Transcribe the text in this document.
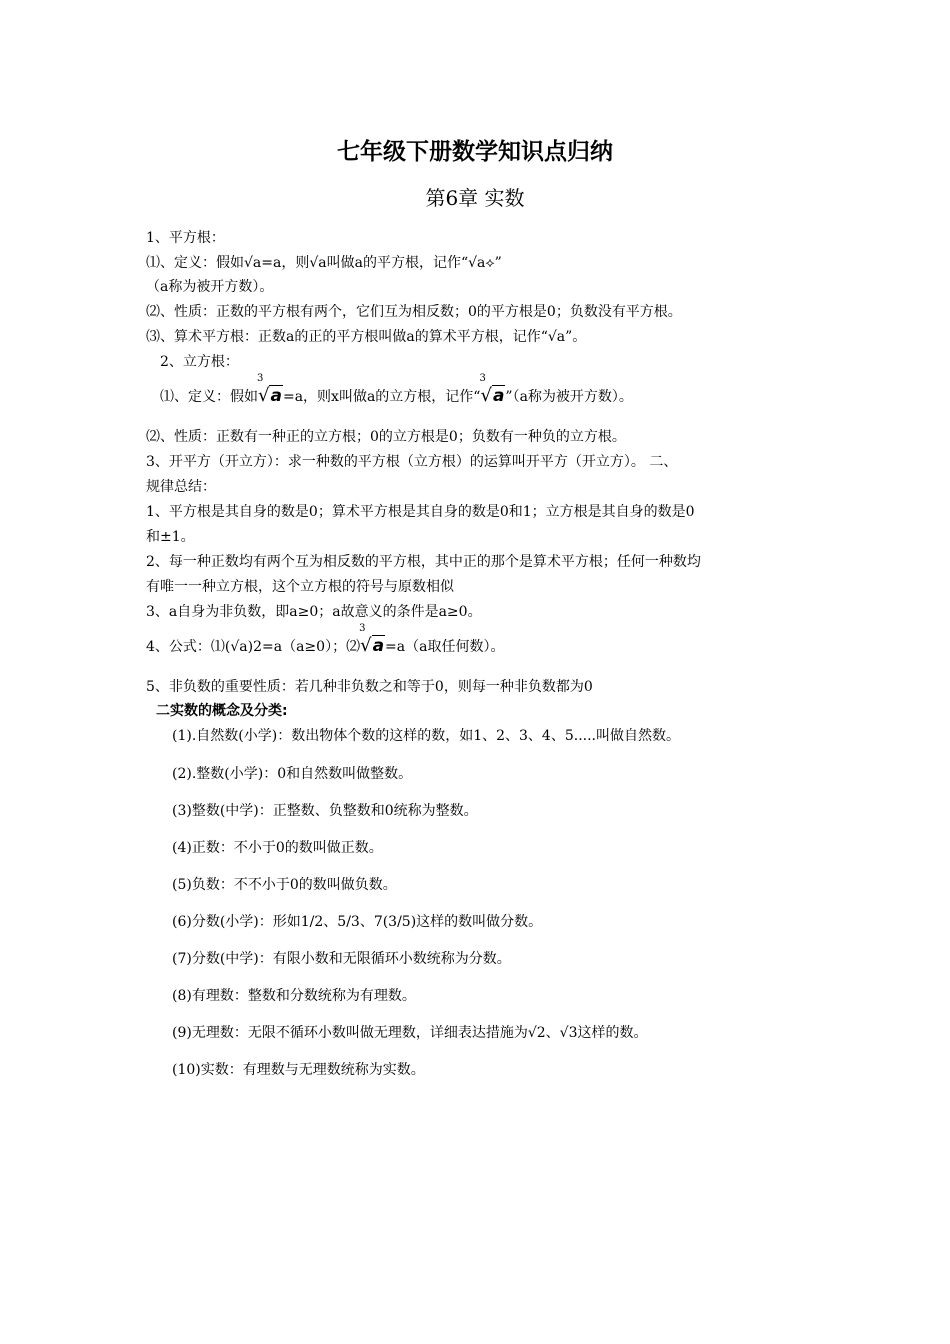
七年级下册数学知识点归纳
第6章 实数
1、平方根：
⑴、定义：假如√a=a，则√a叫做a的平方根，记作“√a⟡”
（a称为被开方数）。
⑵、性质：正数的平方根有两个，它们互为相反数；0的平方根是0；负数没有平方根。
⑶、算术平方根：正数a的正的平方根叫做a的算术平方根，记作“√a”。
2、立方根：
⑴、定义：假如
3
√a=a，则x叫做a的立方根，记作“
3
√a”（a称为被开方数）。
⑵、性质：正数有一种正的立方根；0的立方根是0；负数有一种负的立方根。
3、开平方（开立方）：求一种数的平方根（立方根）的运算叫开平方（开立方）。 二、
规律总结：
1、平方根是其自身的数是0；算术平方根是其自身的数是0和1；立方根是其自身的数是0
和±1。
2、每一种正数均有两个互为相反数的平方根，其中正的那个是算术平方根；任何一种数均
有唯一一种立方根，这个立方根的符号与原数相似
3、a自身为非负数，即a≥0；a故意义的条件是a≥0。
4、公式：⑴(√a)2=a（a≥0）；⑵
3
√a=a（a取任何数）。
5、非负数的重要性质：若几种非负数之和等于0，则每一种非负数都为0
二实数的概念及分类:
(1).自然数(小学)：数出物体个数的这样的数，如1、2、3、4、5.....叫做自然数。
(2).整数(小学)：0和自然数叫做整数。
(3)整数(中学)：正整数、负整数和0统称为整数。
(4)正数：不小于0的数叫做正数。
(5)负数：不不小于0的数叫做负数。
(6)分数(小学)：形如1/2、5/3、7(3/5)这样的数叫做分数。
(7)分数(中学)：有限小数和无限循环小数统称为分数。
(8)有理数：整数和分数统称为有理数。
(9)无理数：无限不循环小数叫做无理数，详细表达措施为√2、√3这样的数。
(10)实数：有理数与无理数统称为实数。
